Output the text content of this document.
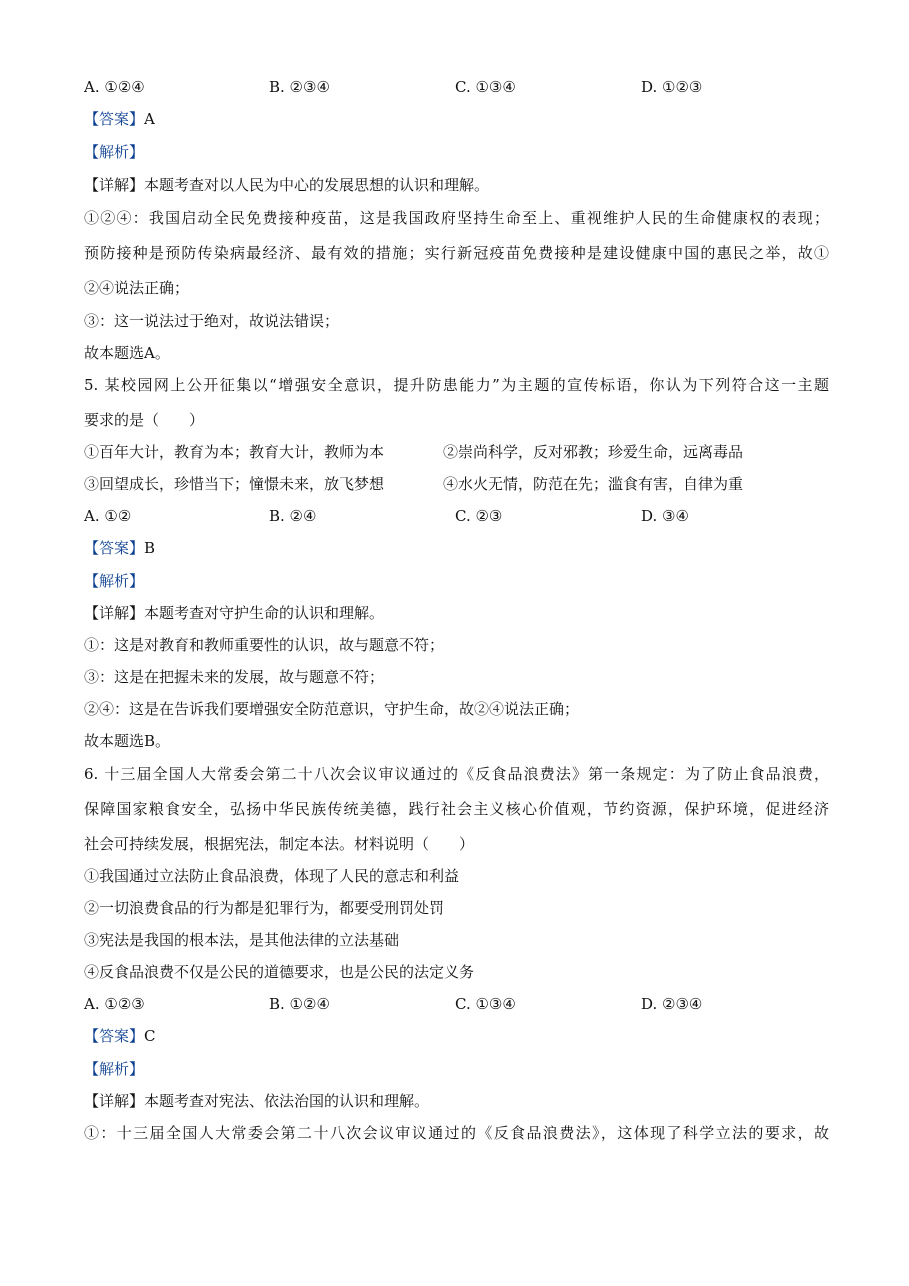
A. ①②④	B. ②③④	C. ①③④	D. ①②③
【答案】A
【解析】
【详解】本题考查对以人民为中心的发展思想的认识和理解。
①②④：我国启动全民免费接种疫苗，这是我国政府坚持生命至上、重视维护人民的生命健康权的表现；
预防接种是预防传染病最经济、最有效的措施；实行新冠疫苗免费接种是建设健康中国的惠民之举，故①
②④说法正确；
③：这一说法过于绝对，故说法错误；
故本题选A。
5. 某校园网上公开征集以“增强安全意识，提升防患能力”为主题的宣传标语，你认为下列符合这一主题
要求的是（　　）
①百年大计，教育为本；教育大计，教师为本	②崇尚科学，反对邪教；珍爱生命，远离毒品
③回望成长，珍惜当下；憧憬未来，放飞梦想	④水火无情，防范在先；滥食有害，自律为重
A. ①②	B. ②④	C. ②③	D. ③④
【答案】B
【解析】
【详解】本题考查对守护生命的认识和理解。
①：这是对教育和教师重要性的认识，故与题意不符；
③：这是在把握未来的发展，故与题意不符；
②④：这是在告诉我们要增强安全防范意识，守护生命，故②④说法正确；
故本题选B。
6. 十三届全国人大常委会第二十八次会议审议通过的《反食品浪费法》第一条规定：为了防止食品浪费，
保障国家粮食安全，弘扬中华民族传统美德，践行社会主义核心价值观，节约资源，保护环境，促进经济
社会可持续发展，根据宪法，制定本法。材料说明（　　）
①我国通过立法防止食品浪费，体现了人民的意志和利益
②一切浪费食品的行为都是犯罪行为，都要受刑罚处罚
③宪法是我国的根本法，是其他法律的立法基础
④反食品浪费不仅是公民的道德要求，也是公民的法定义务
A. ①②③	B. ①②④	C. ①③④	D. ②③④
【答案】C
【解析】
【详解】本题考查对宪法、依法治国的认识和理解。
①：十三届全国人大常委会第二十八次会议审议通过的《反食品浪费法》，这体现了科学立法的要求，故
